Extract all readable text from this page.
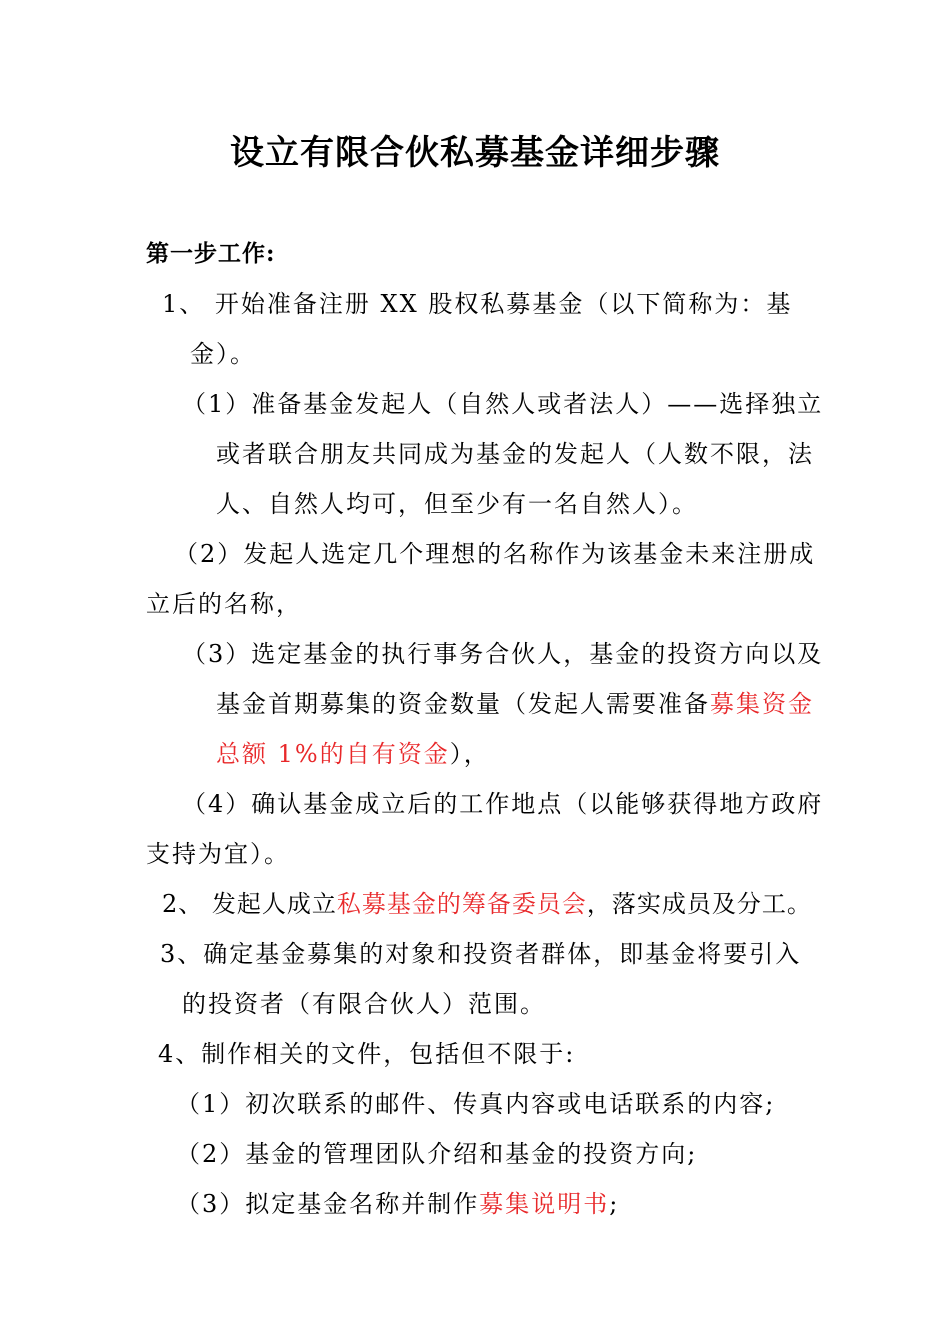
设立有限合伙私募基金详细步骤
第一步工作:
1、 开始准备注册 XX 股权私募基金（以下简称为：基
金）。
（1）准备基金发起人（自然人或者法人）——选择独立
或者联合朋友共同成为基金的发起人（人数不限，法
人、自然人均可，但至少有一名自然人）。
（2）发起人选定几个理想的名称作为该基金未来注册成
立后的名称，
（3）选定基金的执行事务合伙人，基金的投资方向以及
基金首期募集的资金数量（发起人需要准备募集资金
总额 1%的自有资金），
（4）确认基金成立后的工作地点（以能够获得地方政府
支持为宜）。
2、 发起人成立私募基金的筹备委员会，落实成员及分工。
3、确定基金募集的对象和投资者群体，即基金将要引入
的投资者（有限合伙人）范围。
4、制作相关的文件，包括但不限于:
（1）初次联系的邮件、传真内容或电话联系的内容;
（2）基金的管理团队介绍和基金的投资方向;
（3）拟定基金名称并制作募集说明书;
